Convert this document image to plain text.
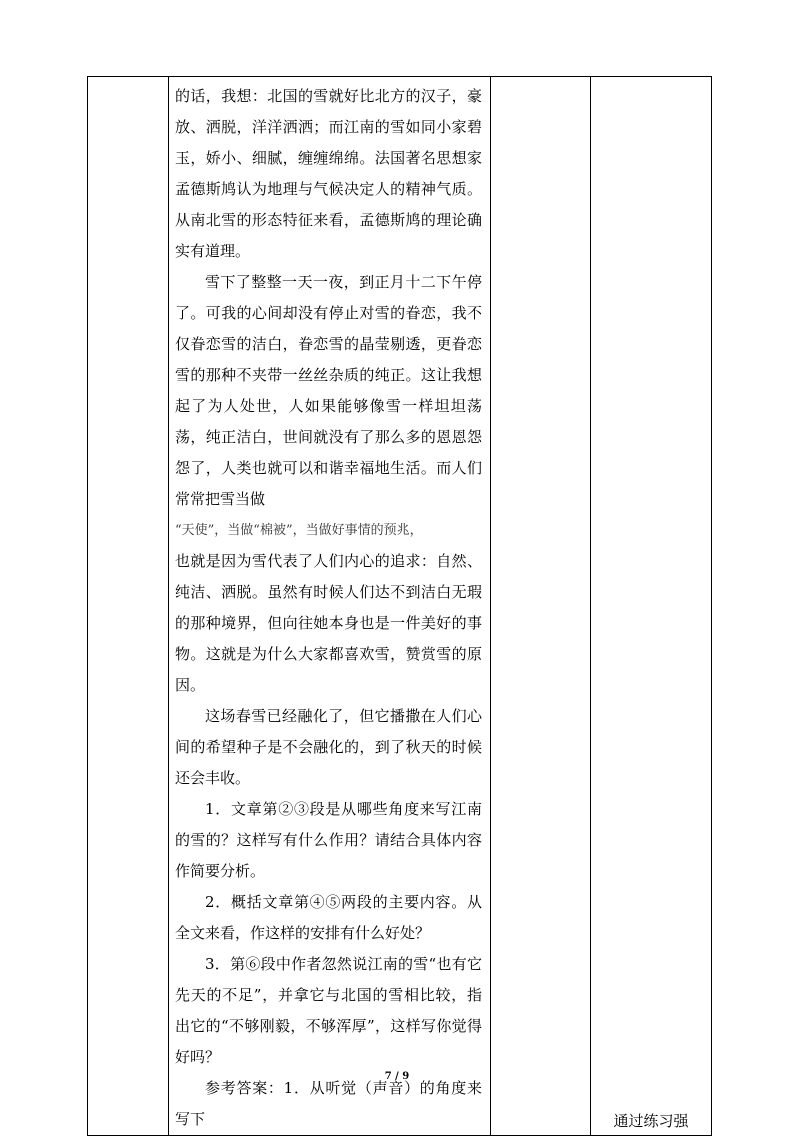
的话，我想：北国的雪就好比北方的汉子，豪放、洒脱，洋洋洒洒；而江南的雪如同小家碧玉，娇小、细腻，缠缠绵绵。法国著名思想家孟德斯鸠认为地理与气候决定人的精神气质。从南北雪的形态特征来看，孟德斯鸠的理论确实有道理。

雪下了整整一天一夜，到正月十二下午停了。可我的心间却没有停止对雪的眷恋，我不仅眷恋雪的洁白，眷恋雪的晶莹剔透，更眷恋雪的那种不夹带一丝丝杂质的纯正。这让我想起了为人处世，人如果能够像雪一样坦坦荡荡，纯正洁白，世间就没有了那么多的恩恩怨怨了，人类也就可以和谐幸福地生活。而人们常常把雪当做

“天使”，当做“棉被”，当做好事情的预兆，

也就是因为雪代表了人们内心的追求：自然、纯洁、洒脱。虽然有时候人们达不到洁白无瑕的那种境界，但向往她本身也是一件美好的事物。这就是为什么大家都喜欢雪，赞赏雪的原因。

这场春雪已经融化了，但它播撒在人们心间的希望种子是不会融化的，到了秋天的时候还会丰收。

1．文章第②③段是从哪些角度来写江南的雪的？这样写有什么作用？请结合具体内容作简要分析。

2．概括文章第④⑤两段的主要内容。从全文来看，作这样的安排有什么好处？

3．第⑥段中作者忽然说江南的雪“也有它先天的不足”，并拿它与北国的雪相比较，指出它的“不够刚毅，不够浑厚”，这样写你觉得好吗？

参考答案：1．从听觉（声音）的角度来写下		通过练习强
7 / 9
